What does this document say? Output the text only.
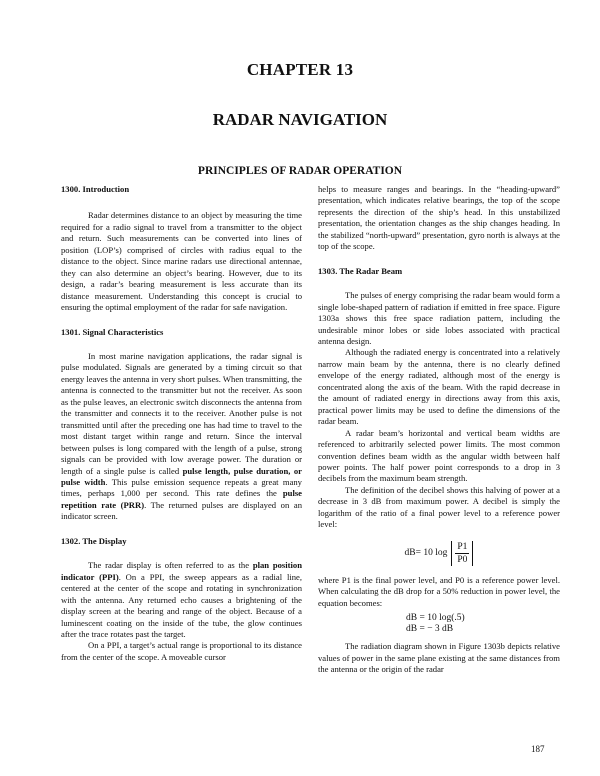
CHAPTER 13
RADAR NAVIGATION
PRINCIPLES OF RADAR OPERATION
1300. Introduction

Radar determines distance to an object by measuring the time required for a radio signal to travel from a transmitter to the object and return. Such measurements can be converted into lines of position (LOP’s) comprised of circles with radius equal to the distance to the object. Since marine radars use directional antennae, they can also determine an object’s bearing. However, due to its design, a radar’s bearing measurement is less accurate than its distance measurement. Understanding this concept is crucial to ensuring the optimal employment of the radar for safe navigation.

1301. Signal Characteristics

In most marine navigation applications, the radar signal is pulse modulated. Signals are generated by a timing circuit so that energy leaves the antenna in very short pulses. When transmitting, the antenna is connected to the transmitter but not the receiver. As soon as the pulse leaves, an electronic switch disconnects the antenna from the transmitter and connects it to the receiver. Another pulse is not transmitted until after the preceding one has had time to travel to the most distant target within range and return. Since the interval between pulses is long compared with the length of a pulse, strong signals can be provided with low average power. The duration or length of a single pulse is called pulse length, pulse duration, or pulse width. This pulse emission sequence repeats a great many times, perhaps 1,000 per second. This rate defines the pulse repetition rate (PRR). The returned pulses are displayed on an indicator screen.

1302. The Display

The radar display is often referred to as the plan position indicator (PPI). On a PPI, the sweep appears as a radial line, centered at the center of the scope and rotating in synchronization with the antenna. Any returned echo causes a brightening of the display screen at the bearing and range of the object. Because of a luminescent coating on the inside of the tube, the glow continues after the trace rotates past the target.

On a PPI, a target’s actual range is proportional to its distance from the center of the scope. A moveable cursor

helps to measure ranges and bearings. In the “heading-upward” presentation, which indicates relative bearings, the top of the scope represents the direction of the ship’s head. In this unstabilized presentation, the orientation changes as the ship changes heading. In the stabilized “north-upward” presentation, gyro north is always at the top of the scope.

1303. The Radar Beam

The pulses of energy comprising the radar beam would form a single lobe-shaped pattern of radiation if emitted in free space. Figure 1303a shows this free space radiation pattern, including the undesirable minor lobes or side lobes associated with practical antenna design.

Although the radiated energy is concentrated into a relatively narrow main beam by the antenna, there is no clearly defined envelope of the energy radiated, although most of the energy is concentrated along the axis of the beam. With the rapid decrease in the amount of radiated energy in directions away from this axis, practical power limits may be used to define the dimensions of the radar beam.

A radar beam’s horizontal and vertical beam widths are referenced to arbitrarily selected power limits. The most common convention defines beam width as the angular width between half power points. The half power point corresponds to a drop in 3 decibels from the maximum beam strength.

The definition of the decibel shows this halving of power at a decrease in 3 dB from maximum power. A decibel is simply the logarithm of the ratio of a final power level to a reference power level:

dB= 10 $\log \frac{P1}{P0}$

where P1 is the final power level, and P0 is a reference power level. When calculating the dB drop for a 50% reduction in power level, the equation becomes:

dB = 10 log(.5)
dB = − 3 dB

The radiation diagram shown in Figure 1303b depicts relative values of power in the same plane existing at the same distances from the antenna or the origin of the radar

187
